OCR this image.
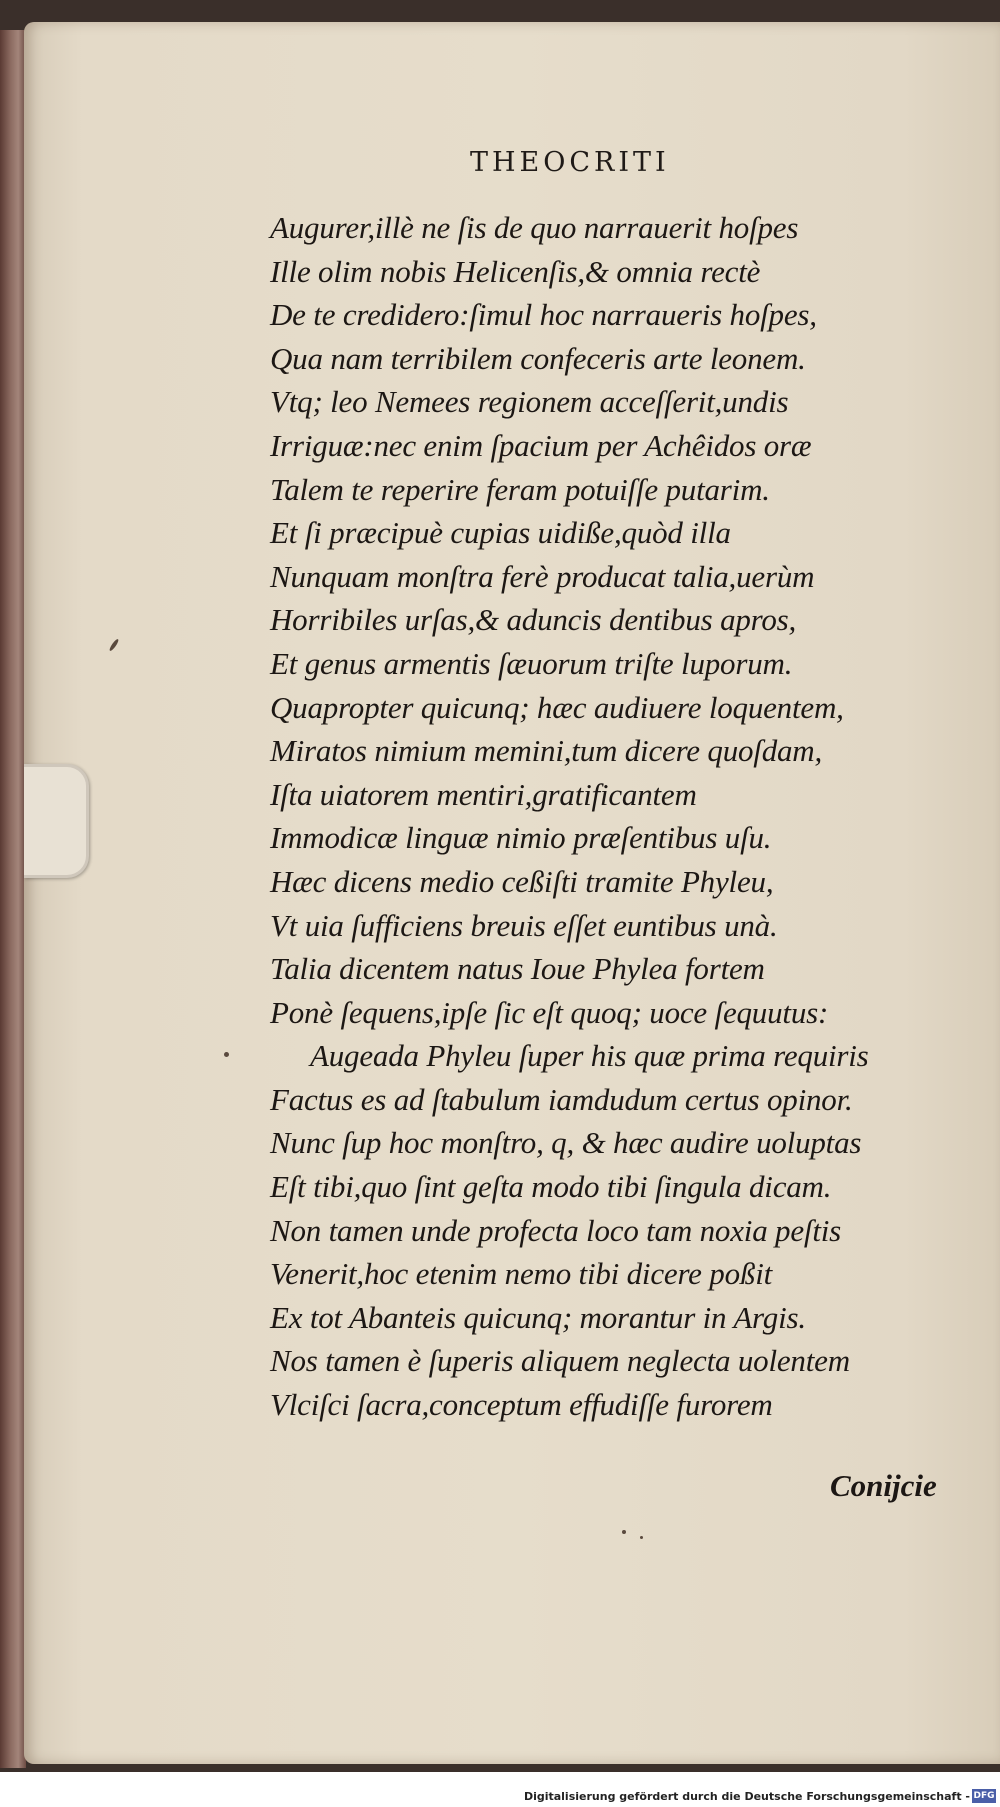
THEOCRITI
Augurer,illè ne ſis de quo narrauerit hoſpes
Ille olim nobis Helicenſis,& omnia rectè
De te credidero:ſimul hoc narraueris hoſpes,
Qua nam terribilem confeceris arte leonem.
Vtq; leo Nemees regionem acceſſerit,undis
Irriguæ:nec enim ſpacium per Achêidos oræ
Talem te reperire feram potuiſſe putarim.
Et ſi præcipuè cupias uidiße,quòd illa
Nunquam monſtra ferè producat talia,uerùm
Horribiles urſas,& aduncis dentibus apros,
Et genus armentis ſæuorum triſte luporum.
Quapropter quicunq; hæc audiuere loquentem,
Miratos nimium memini,tum dicere quoſdam,
Iſta uiatorem mentiri,gratificantem
Immodicæ linguæ nimio præſentibus uſu.
Hæc dicens medio ceßiſti tramite Phyleu,
Vt uia ſufficiens breuis eſſet euntibus unà.
Talia dicentem natus Ioue Phylea fortem
Ponè ſequens,ipſe ſic eſt quoq; uoce ſequutus:
Augeada Phyleu ſuper his quæ prima requiris
Factus es ad ſtabulum iamdudum certus opinor.
Nunc ſup hoc monſtro, q, & hæc audire uoluptas
Eſt tibi,quo ſint geſta modo tibi ſingula dicam.
Non tamen unde profecta loco tam noxia peſtis
Venerit,hoc etenim nemo tibi dicere poßit
Ex tot Abanteis quicunq; morantur in Argis.
Nos tamen è ſuperis aliquem neglecta uolentem
Vlciſci ſacra,conceptum effudiſſe furorem
Conijcie
Digitalisierung gefördert durch die Deutsche Forschungsgemeinschaft - DFG
